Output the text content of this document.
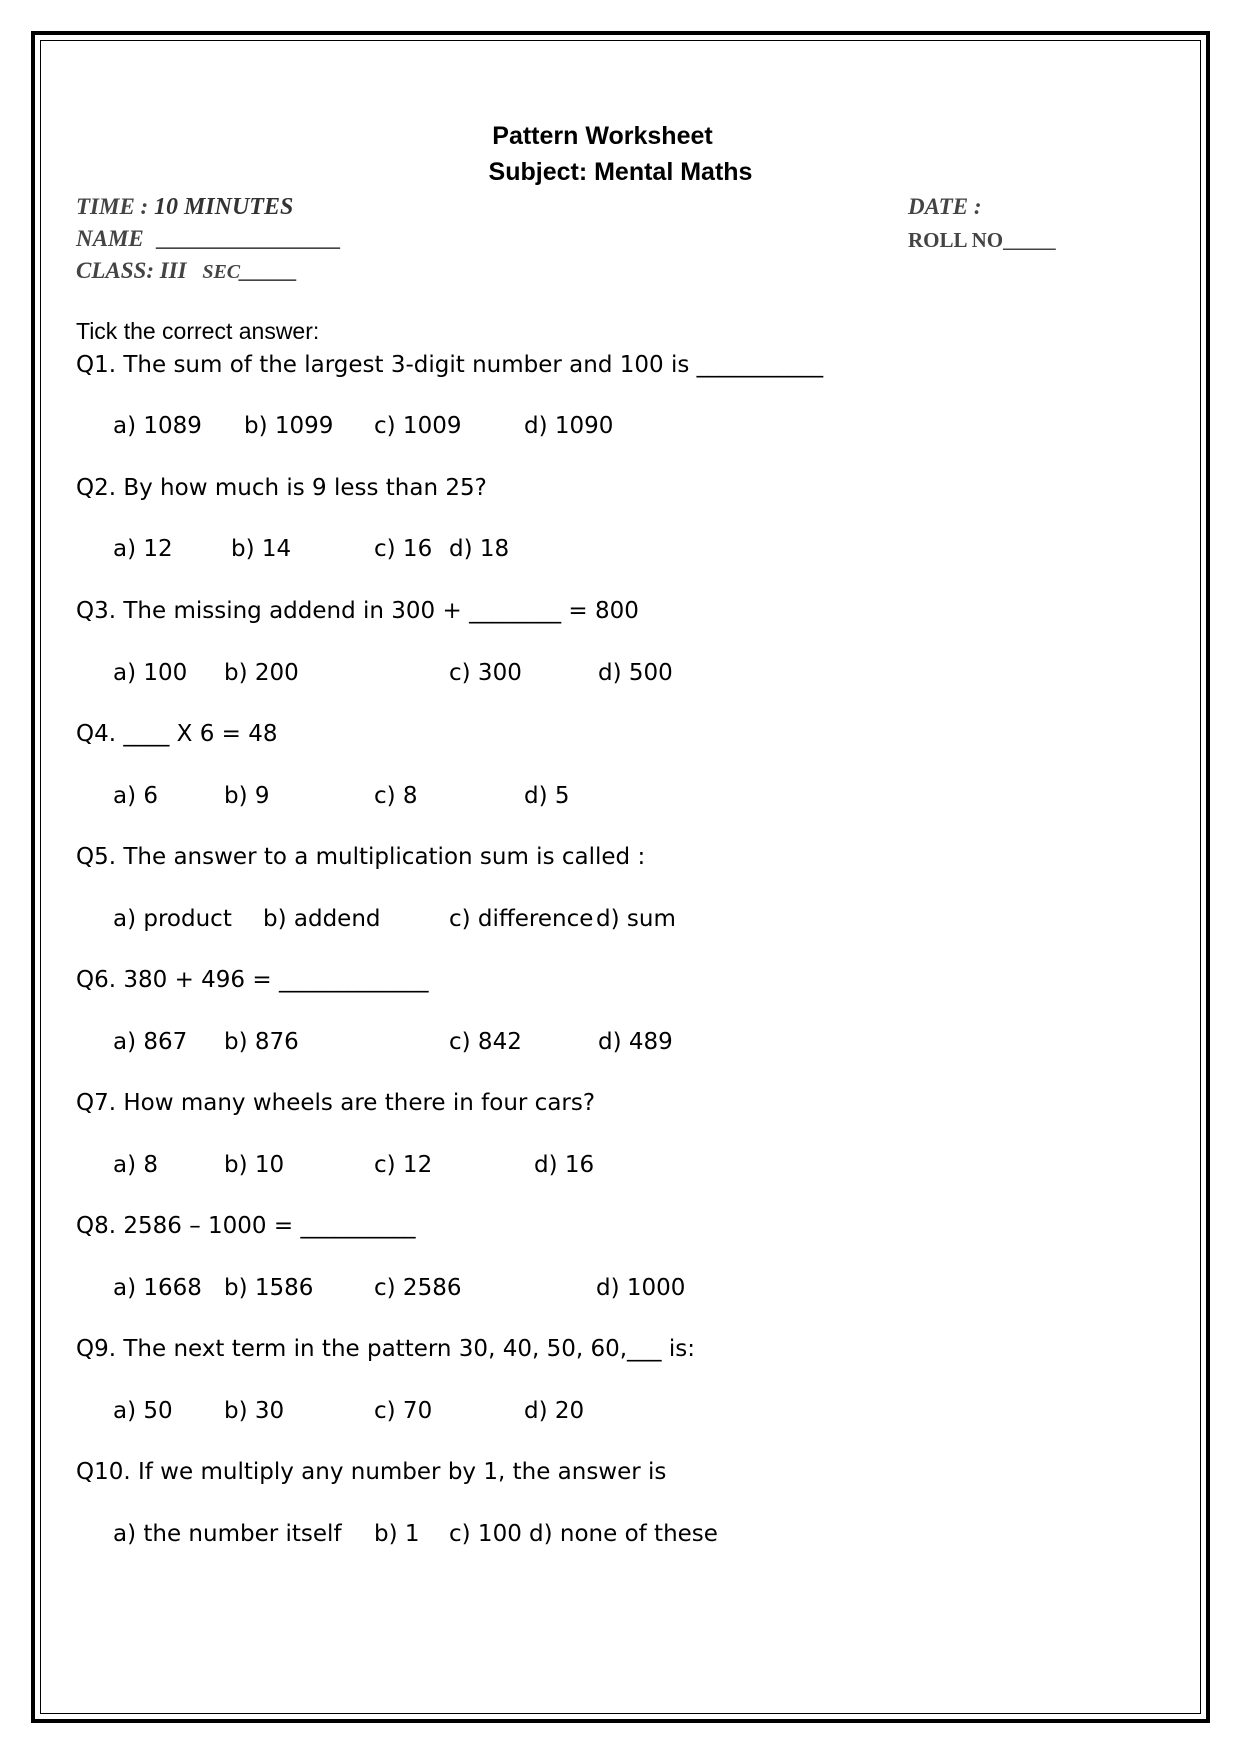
Pattern Worksheet
Subject: Mental Maths
TIME : 10 MINUTES
NAME ________________
CLASS: III SEC_____
DATE :
ROLL NO_____
Tick the correct answer:
Q1. The sum of the largest 3-digit number and 100 is ___________
a) 1089 b) 1099 c) 1009	d) 1090
Q2. By how much is 9 less than 25?
a) 12	b) 14	c) 16 d) 18
Q3. The missing addend in 300 + ________ = 800
a) 100 b) 200	c) 300	d) 500
Q4. ____ X 6 = 48
a) 6	b) 9	c) 8	d) 5
Q5. The answer to a multiplication sum is called :
a) product b) addend	c) difference d) sum
Q6. 380 + 496 = _____________
a) 867 b) 876	c) 842	d) 489
Q7. How many wheels are there in four cars?
a) 8	b) 10	c) 12	d) 16
Q8. 2586 – 1000 = __________
a) 1668 b) 1586	c) 2586	d) 1000
Q9. The next term in the pattern 30, 40, 50, 60,___ is:
a) 50 b) 30	c) 70	d) 20
Q10. If we multiply any number by 1, the answer is
a) the number itself b) 1 c) 100 d) none of these
